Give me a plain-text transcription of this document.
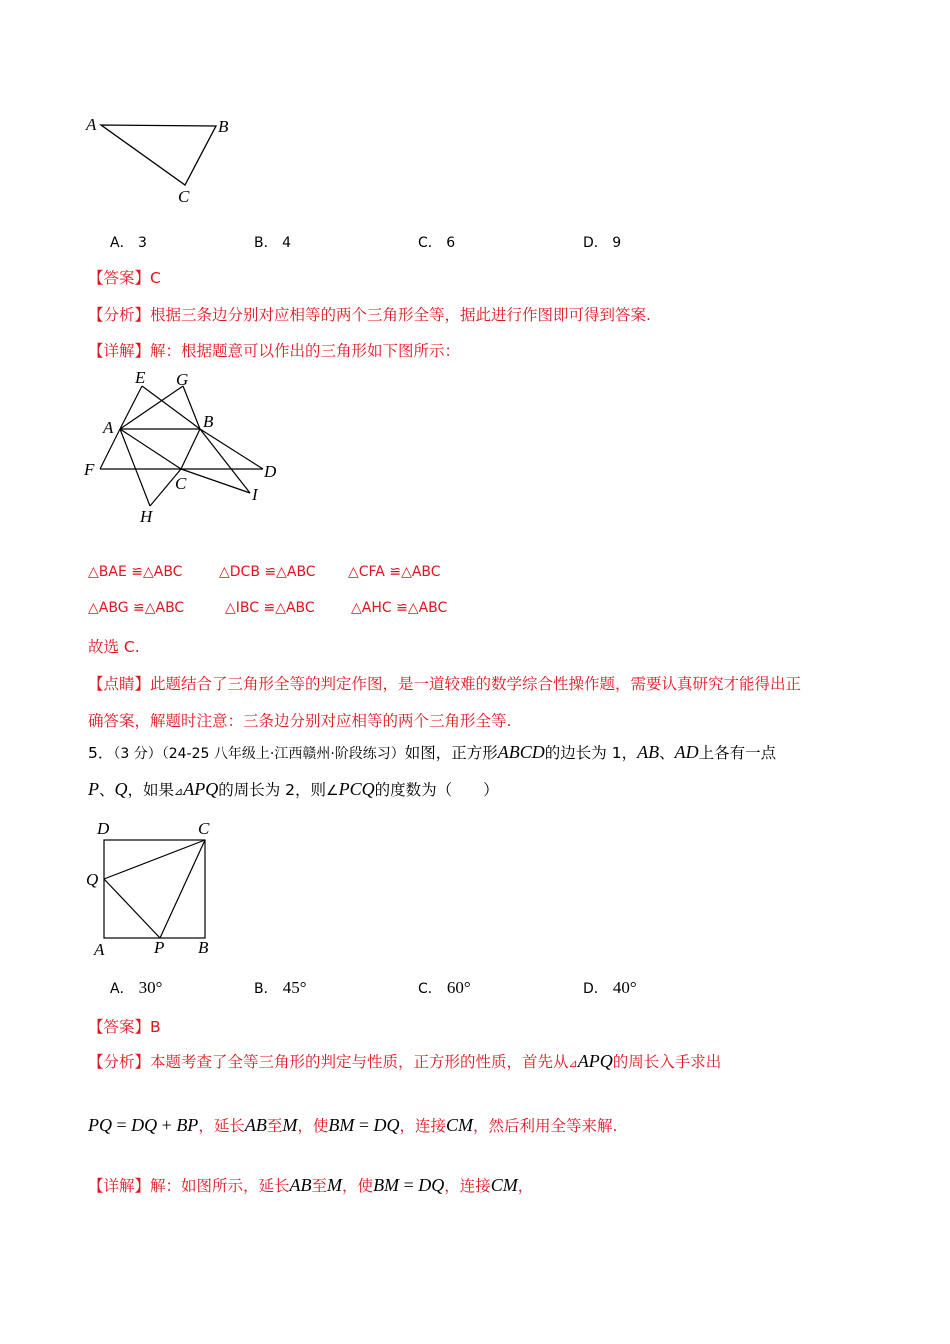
A	B
C
A． 3	B． 4	C． 6	D． 9
【答案】C
【分析】根据三条边分别对应相等的两个三角形全等，据此进行作图即可得到答案.
【详解】解：根据题意可以作出的三角形如下图所示：
E G
A	B
F
C
D
H
I
△BAE ≌△ABC	△DCB ≌△ABC △CFA ≌△ABC
△ABG ≌△ABC	△IBC ≌△ABC	△AHC ≌△ABC
故选 C.
【点睛】此题结合了三角形全等的判定作图，是一道较难的数学综合性操作题，需要认真研究才能得出正
确答案，解题时注意：三条边分别对应相等的两个三角形全等.
5．（3 分）（24-25 八年级上·江西赣州·阶段练习）如图，正方形ABCD的边长为 1，AB、AD上各有一点
P、Q，如果⊿APQ的周长为 2，则∠PCQ的度数为（　　）
D	C
Q
A	P B
A． 30°	B． 45°	C． 60°	D． 40°
【答案】B
【分析】本题考查了全等三角形的判定与性质，正方形的性质，首先从⊿APQ的周长入手求出
PQ = DQ + BP，延长AB至M，使BM = DQ，连接CM，然后利用全等来解.
【详解】解：如图所示，延长AB至M，使BM = DQ，连接CM，
